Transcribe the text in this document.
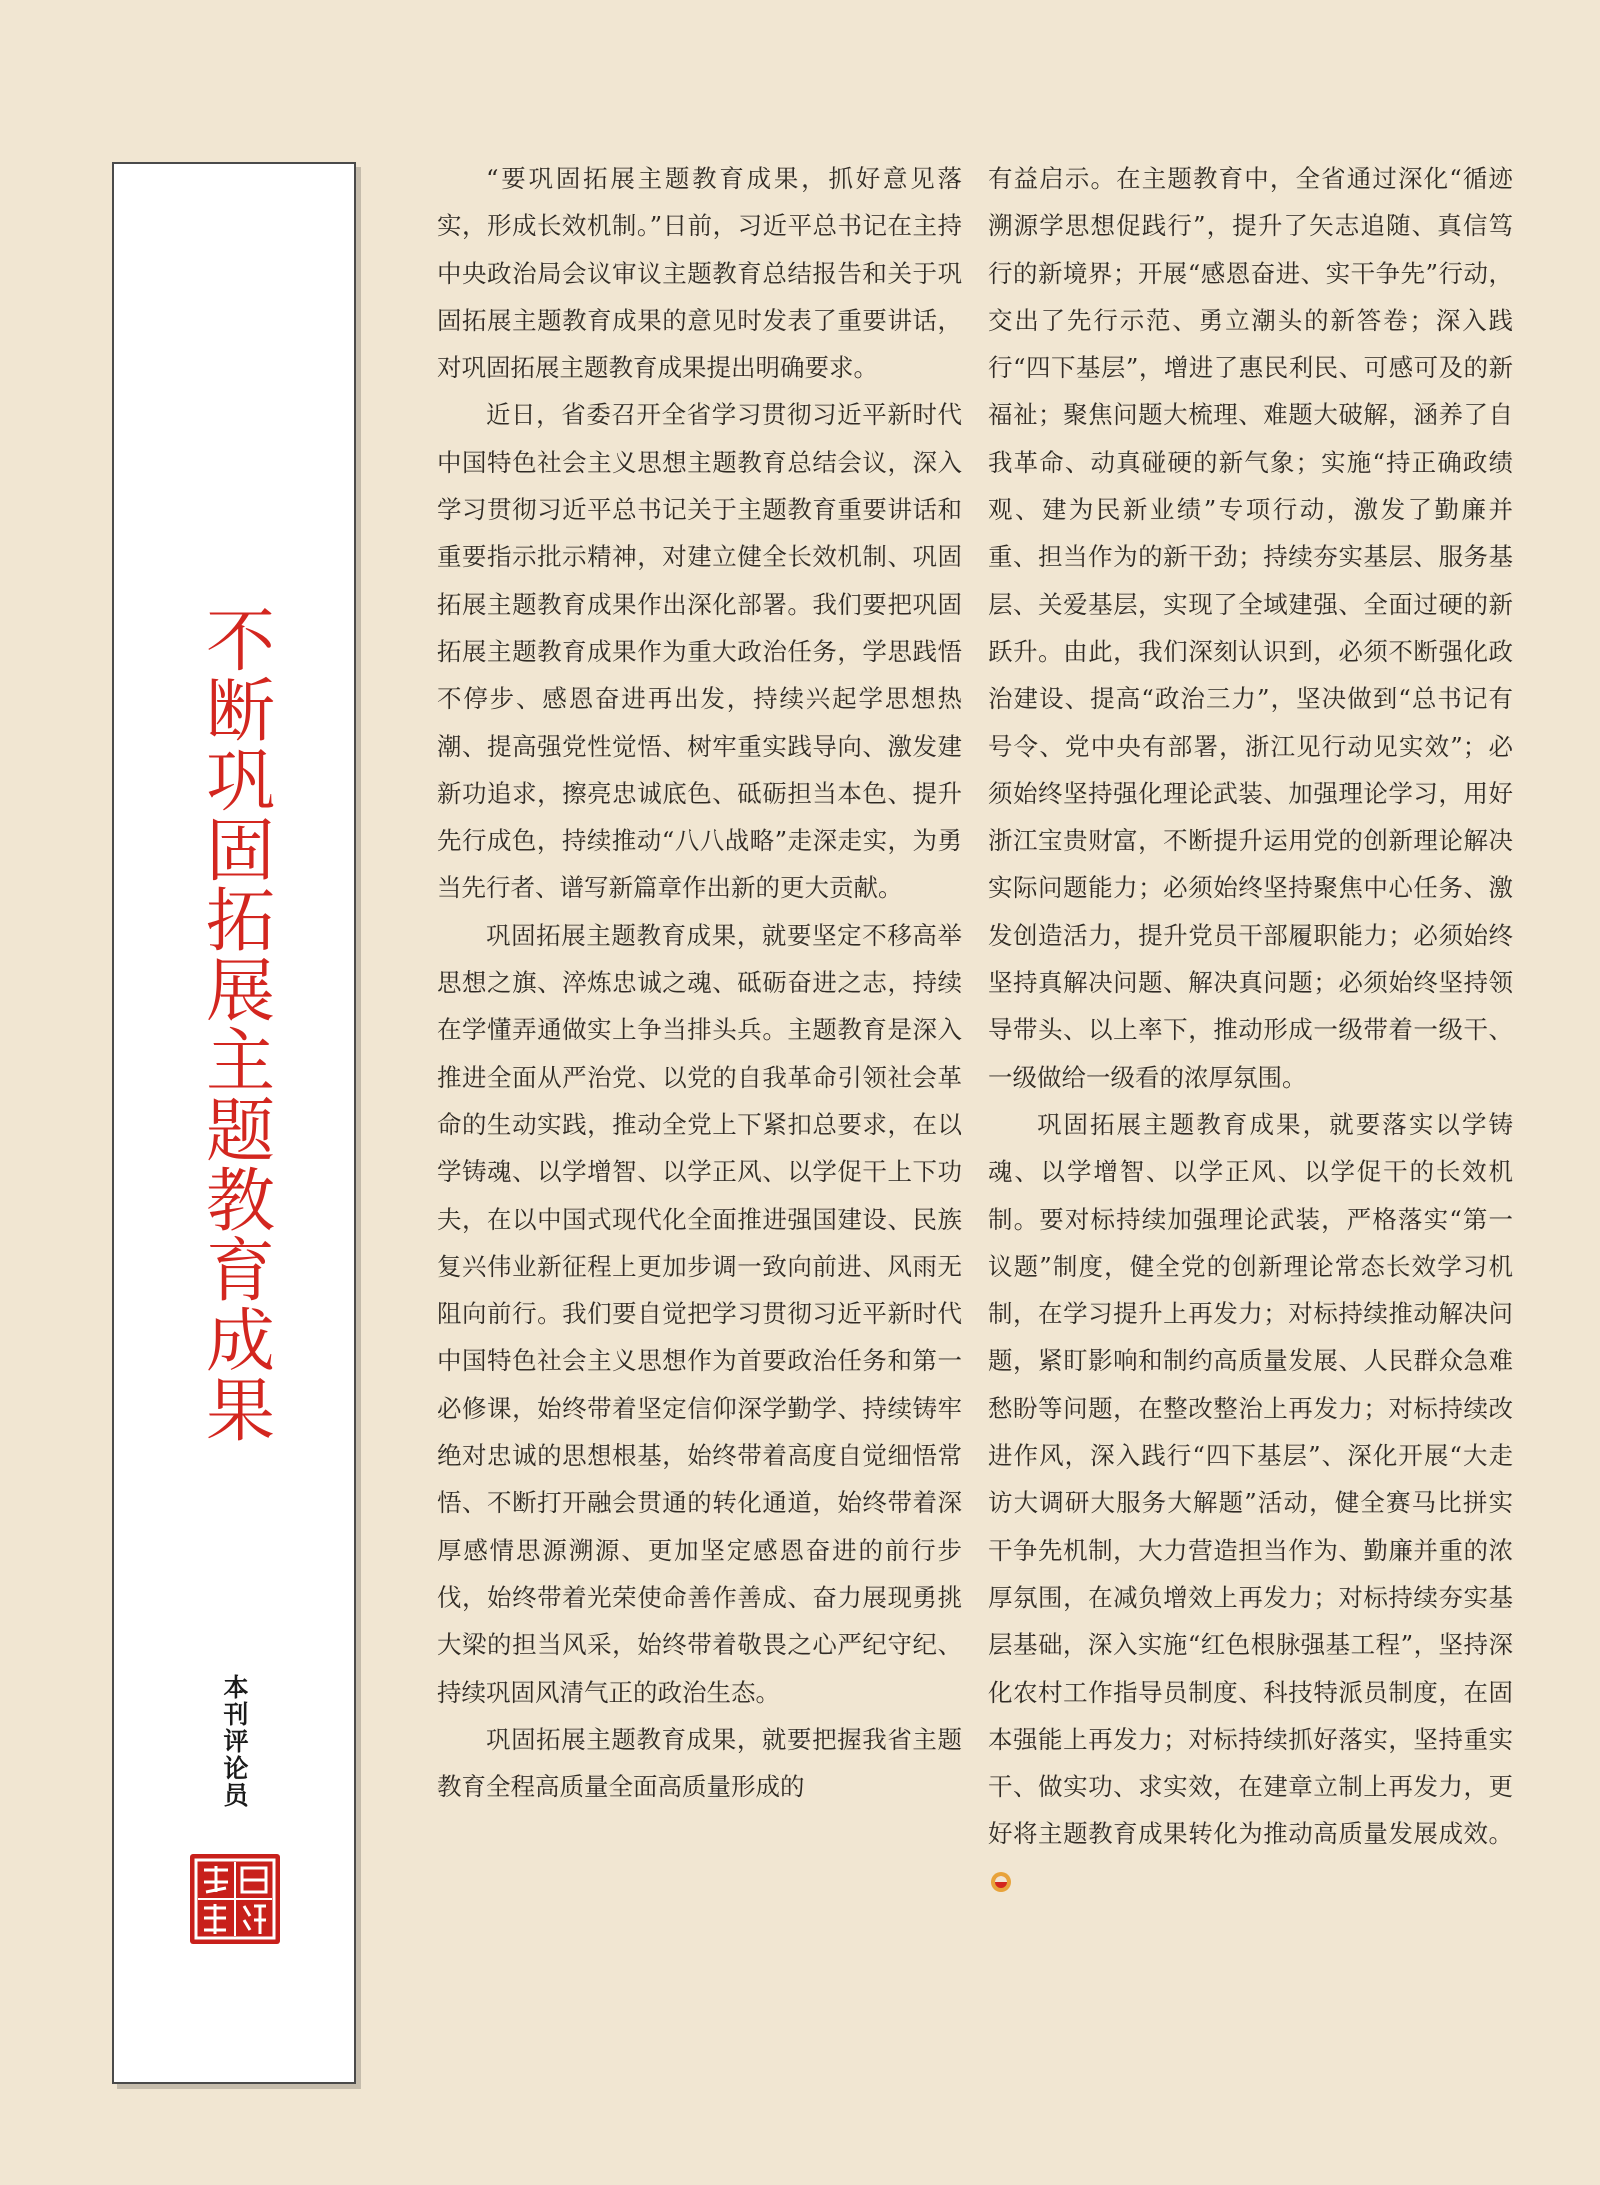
不断巩固拓展主题教育成果
本刊评论员

“要巩固拓展主题教育成果，抓好意见落实，形成长效机制。”日前，习近平总书记在主持中央政治局会议审议主题教育总结报告和关于巩固拓展主题教育成果的意见时发表了重要讲话，对巩固拓展主题教育成果提出明确要求。

近日，省委召开全省学习贯彻习近平新时代中国特色社会主义思想主题教育总结会议，深入学习贯彻习近平总书记关于主题教育重要讲话和重要指示批示精神，对建立健全长效机制、巩固拓展主题教育成果作出深化部署。我们要把巩固拓展主题教育成果作为重大政治任务，学思践悟不停步、感恩奋进再出发，持续兴起学思想热潮、提高强党性觉悟、树牢重实践导向、激发建新功追求，擦亮忠诚底色、砥砺担当本色、提升先行成色，持续推动“八八战略”走深走实，为勇当先行者、谱写新篇章作出新的更大贡献。

巩固拓展主题教育成果，就要坚定不移高举思想之旗、淬炼忠诚之魂、砥砺奋进之志，持续在学懂弄通做实上争当排头兵。主题教育是深入推进全面从严治党、以党的自我革命引领社会革命的生动实践，推动全党上下紧扣总要求，在以学铸魂、以学增智、以学正风、以学促干上下功夫，在以中国式现代化全面推进强国建设、民族复兴伟业新征程上更加步调一致向前进、风雨无阻向前行。我们要自觉把学习贯彻习近平新时代中国特色社会主义思想作为首要政治任务和第一必修课，始终带着坚定信仰深学勤学、持续铸牢绝对忠诚的思想根基，始终带着高度自觉细悟常悟、不断打开融会贯通的转化通道，始终带着深厚感情思源溯源、更加坚定感恩奋进的前行步伐，始终带着光荣使命善作善成、奋力展现勇挑大梁的担当风采，始终带着敬畏之心严纪守纪、持续巩固风清气正的政治生态。

巩固拓展主题教育成果，就要把握我省主题教育全程高质量全面高质量形成的

有益启示。在主题教育中，全省通过深化“循迹溯源学思想促践行”，提升了矢志追随、真信笃行的新境界；开展“感恩奋进、实干争先”行动，交出了先行示范、勇立潮头的新答卷；深入践行“四下基层”，增进了惠民利民、可感可及的新福祉；聚焦问题大梳理、难题大破解，涵养了自我革命、动真碰硬的新气象；实施“持正确政绩观、建为民新业绩”专项行动，激发了勤廉并重、担当作为的新干劲；持续夯实基层、服务基层、关爱基层，实现了全域建强、全面过硬的新跃升。由此，我们深刻认识到，必须不断强化政治建设、提高“政治三力”，坚决做到“总书记有号令、党中央有部署，浙江见行动见实效”；必须始终坚持强化理论武装、加强理论学习，用好浙江宝贵财富，不断提升运用党的创新理论解决实际问题能力；必须始终坚持聚焦中心任务、激发创造活力，提升党员干部履职能力；必须始终坚持真解决问题、解决真问题；必须始终坚持领导带头、以上率下，推动形成一级带着一级干、一级做给一级看的浓厚氛围。

巩固拓展主题教育成果，就要落实以学铸魂、以学增智、以学正风、以学促干的长效机制。要对标持续加强理论武装，严格落实“第一议题”制度，健全党的创新理论常态长效学习机制，在学习提升上再发力；对标持续推动解决问题，紧盯影响和制约高质量发展、人民群众急难愁盼等问题，在整改整治上再发力；对标持续改进作风，深入践行“四下基层”、深化开展“大走访大调研大服务大解题”活动，健全赛马比拼实干争先机制，大力营造担当作为、勤廉并重的浓厚氛围，在减负增效上再发力；对标持续夯实基层基础，深入实施“红色根脉强基工程”，坚持深化农村工作指导员制度、科技特派员制度，在固本强能上再发力；对标持续抓好落实，坚持重实干、做实功、求实效，在建章立制上再发力，更好将主题教育成果转化为推动高质量发展成效。
